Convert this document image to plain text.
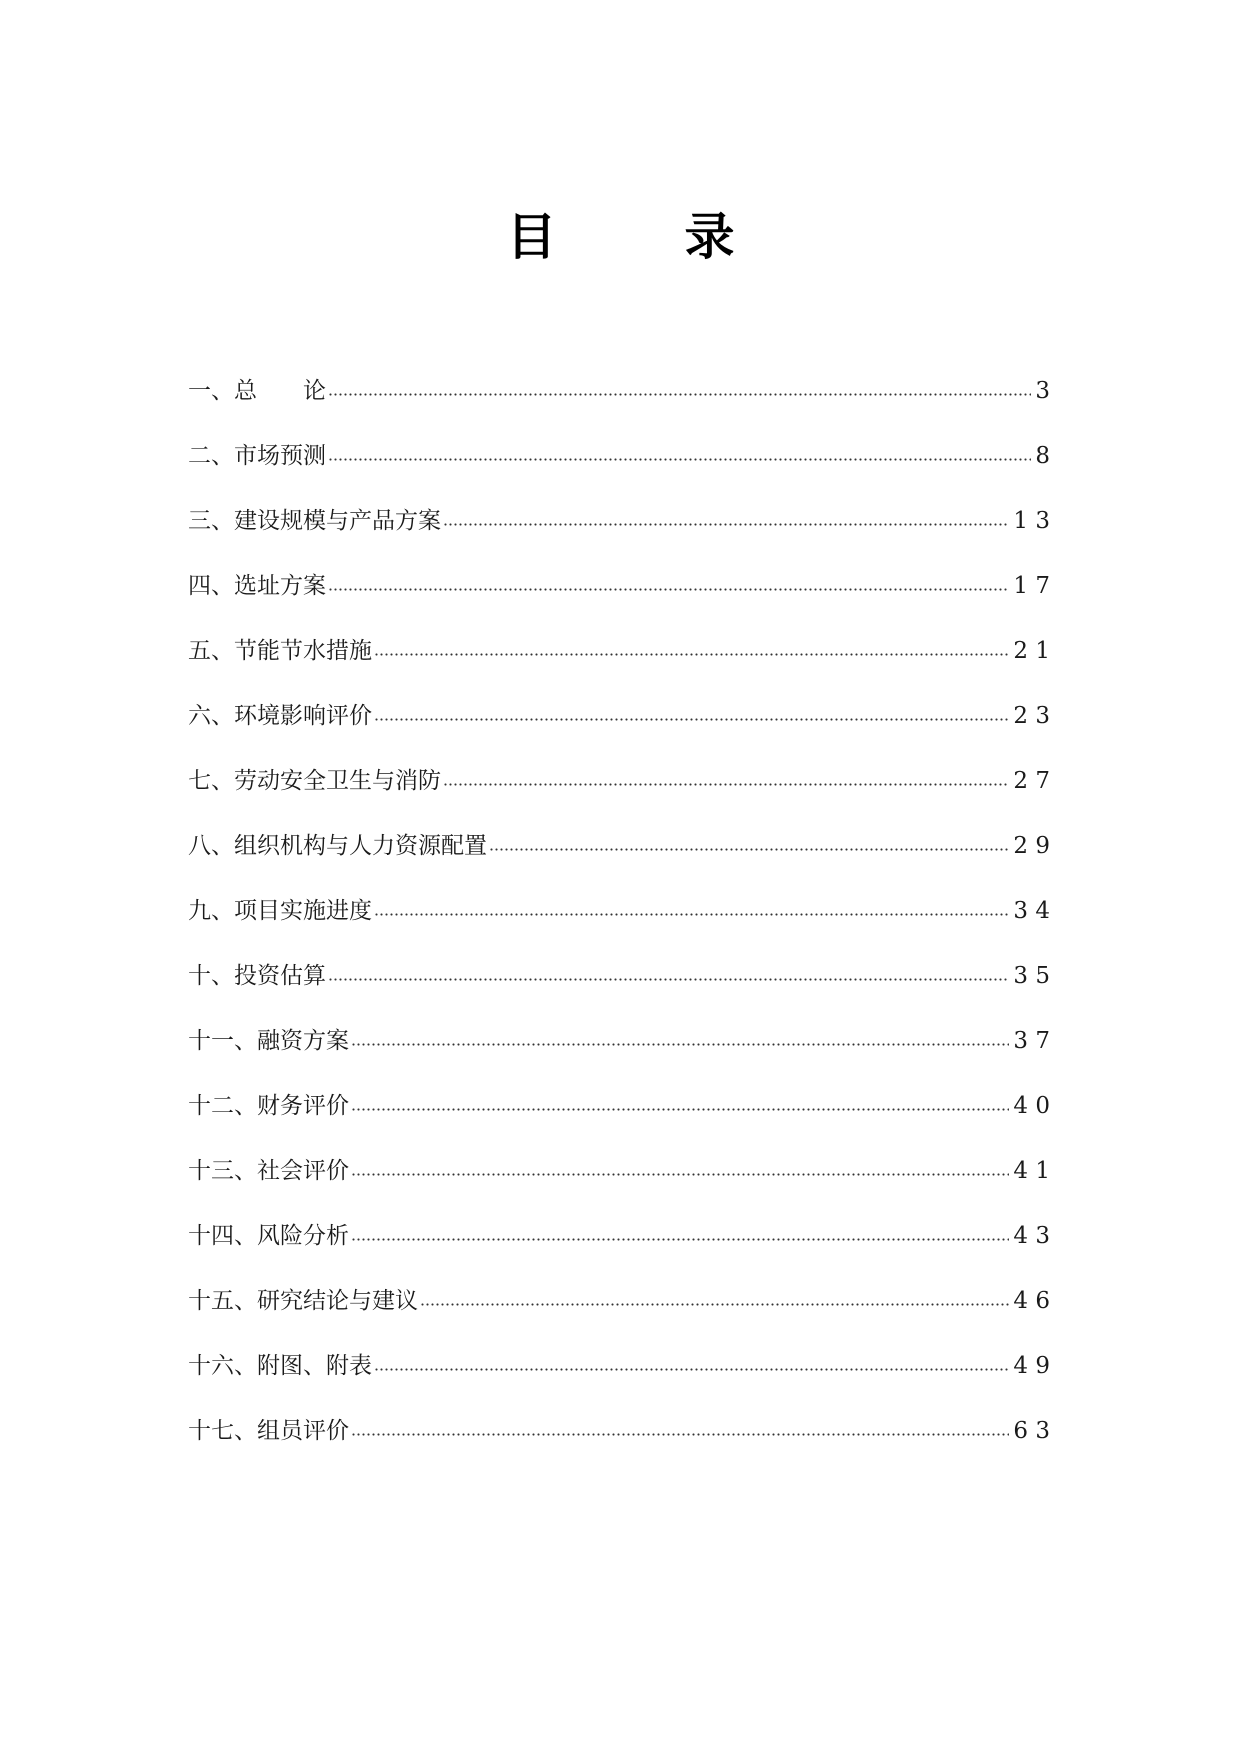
目	录
一、总　　论	3
二、市场预测	8
三、建设规模与产品方案	1 3
四、选址方案	1 7
五、节能节水措施	2 1
六、环境影响评价	2 3
七、劳动安全卫生与消防	2 7
八、组织机构与人力资源配置	2 9
九、项目实施进度	3 4
十、投资估算	3 5
十一、融资方案	3 7
十二、财务评价	4 0
十三、社会评价	4 1
十四、风险分析	4 3
十五、研究结论与建议	4 6
十六、附图、附表	4 9
十七、组员评价	6 3
